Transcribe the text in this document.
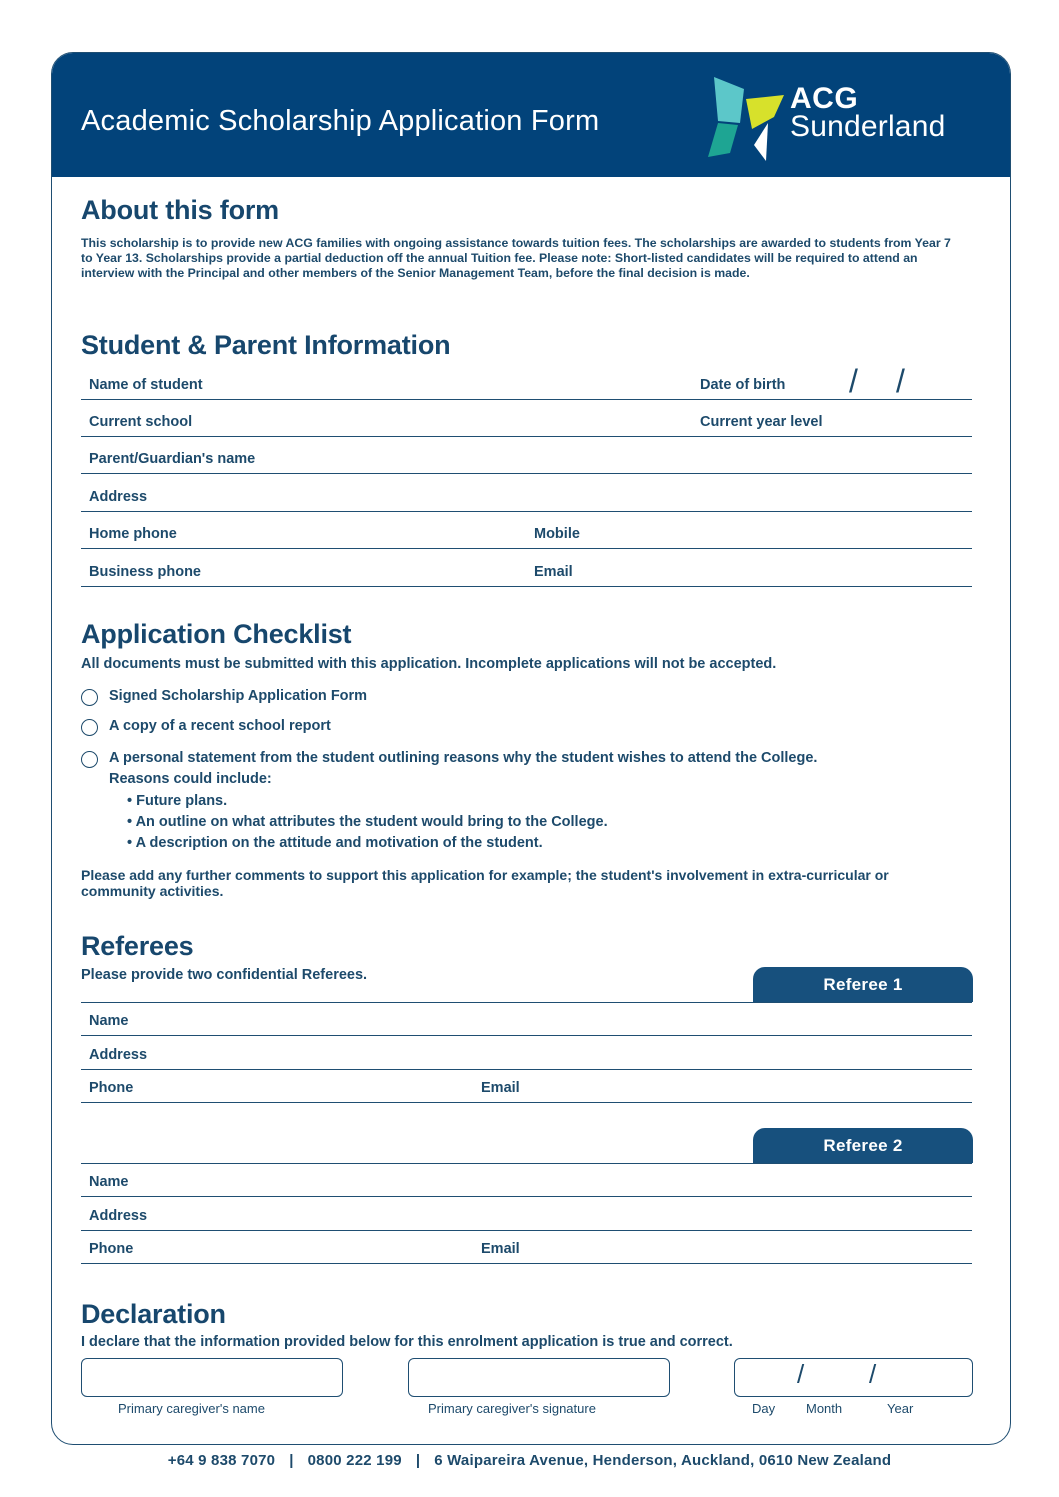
Academic Scholarship Application Form
ACG
Sunderland
About this form
This scholarship is to provide new ACG families with ongoing assistance towards tuition fees. The scholarships are awarded to students from Year 7 to Year 13. Scholarships provide a partial deduction off the annual Tuition fee. Please note: Short-listed candidates will be required to attend an interview with the Principal and other members of the Senior Management Team, before the final decision is made.
Student & Parent Information
Name of student	Date of birth / /
Current school	Current year level
Parent/Guardian's name
Address
Home phone	Mobile
Business phone	Email
Application Checklist
All documents must be submitted with this application. Incomplete applications will not be accepted.
Signed Scholarship Application Form
A copy of a recent school report
A personal statement from the student outlining reasons why the student wishes to attend the College.
Reasons could include:
• Future plans.
• An outline on what attributes the student would bring to the College.
• A description on the attitude and motivation of the student.
Please add any further comments to support this application for example; the student's involvement in extra-curricular or community activities.
Referees
Please provide two confidential Referees.	Referee 1
Name
Address
Phone	Email
Referee 2
Name
Address
Phone	Email
Declaration
I declare that the information provided below for this enrolment application is true and correct.
Primary caregiver's name	Primary caregiver's signature
/ /
Day Month	Year
+64 9 838 7070 | 0800 222 199 | 6 Waipareira Avenue, Henderson, Auckland, 0610 New Zealand
